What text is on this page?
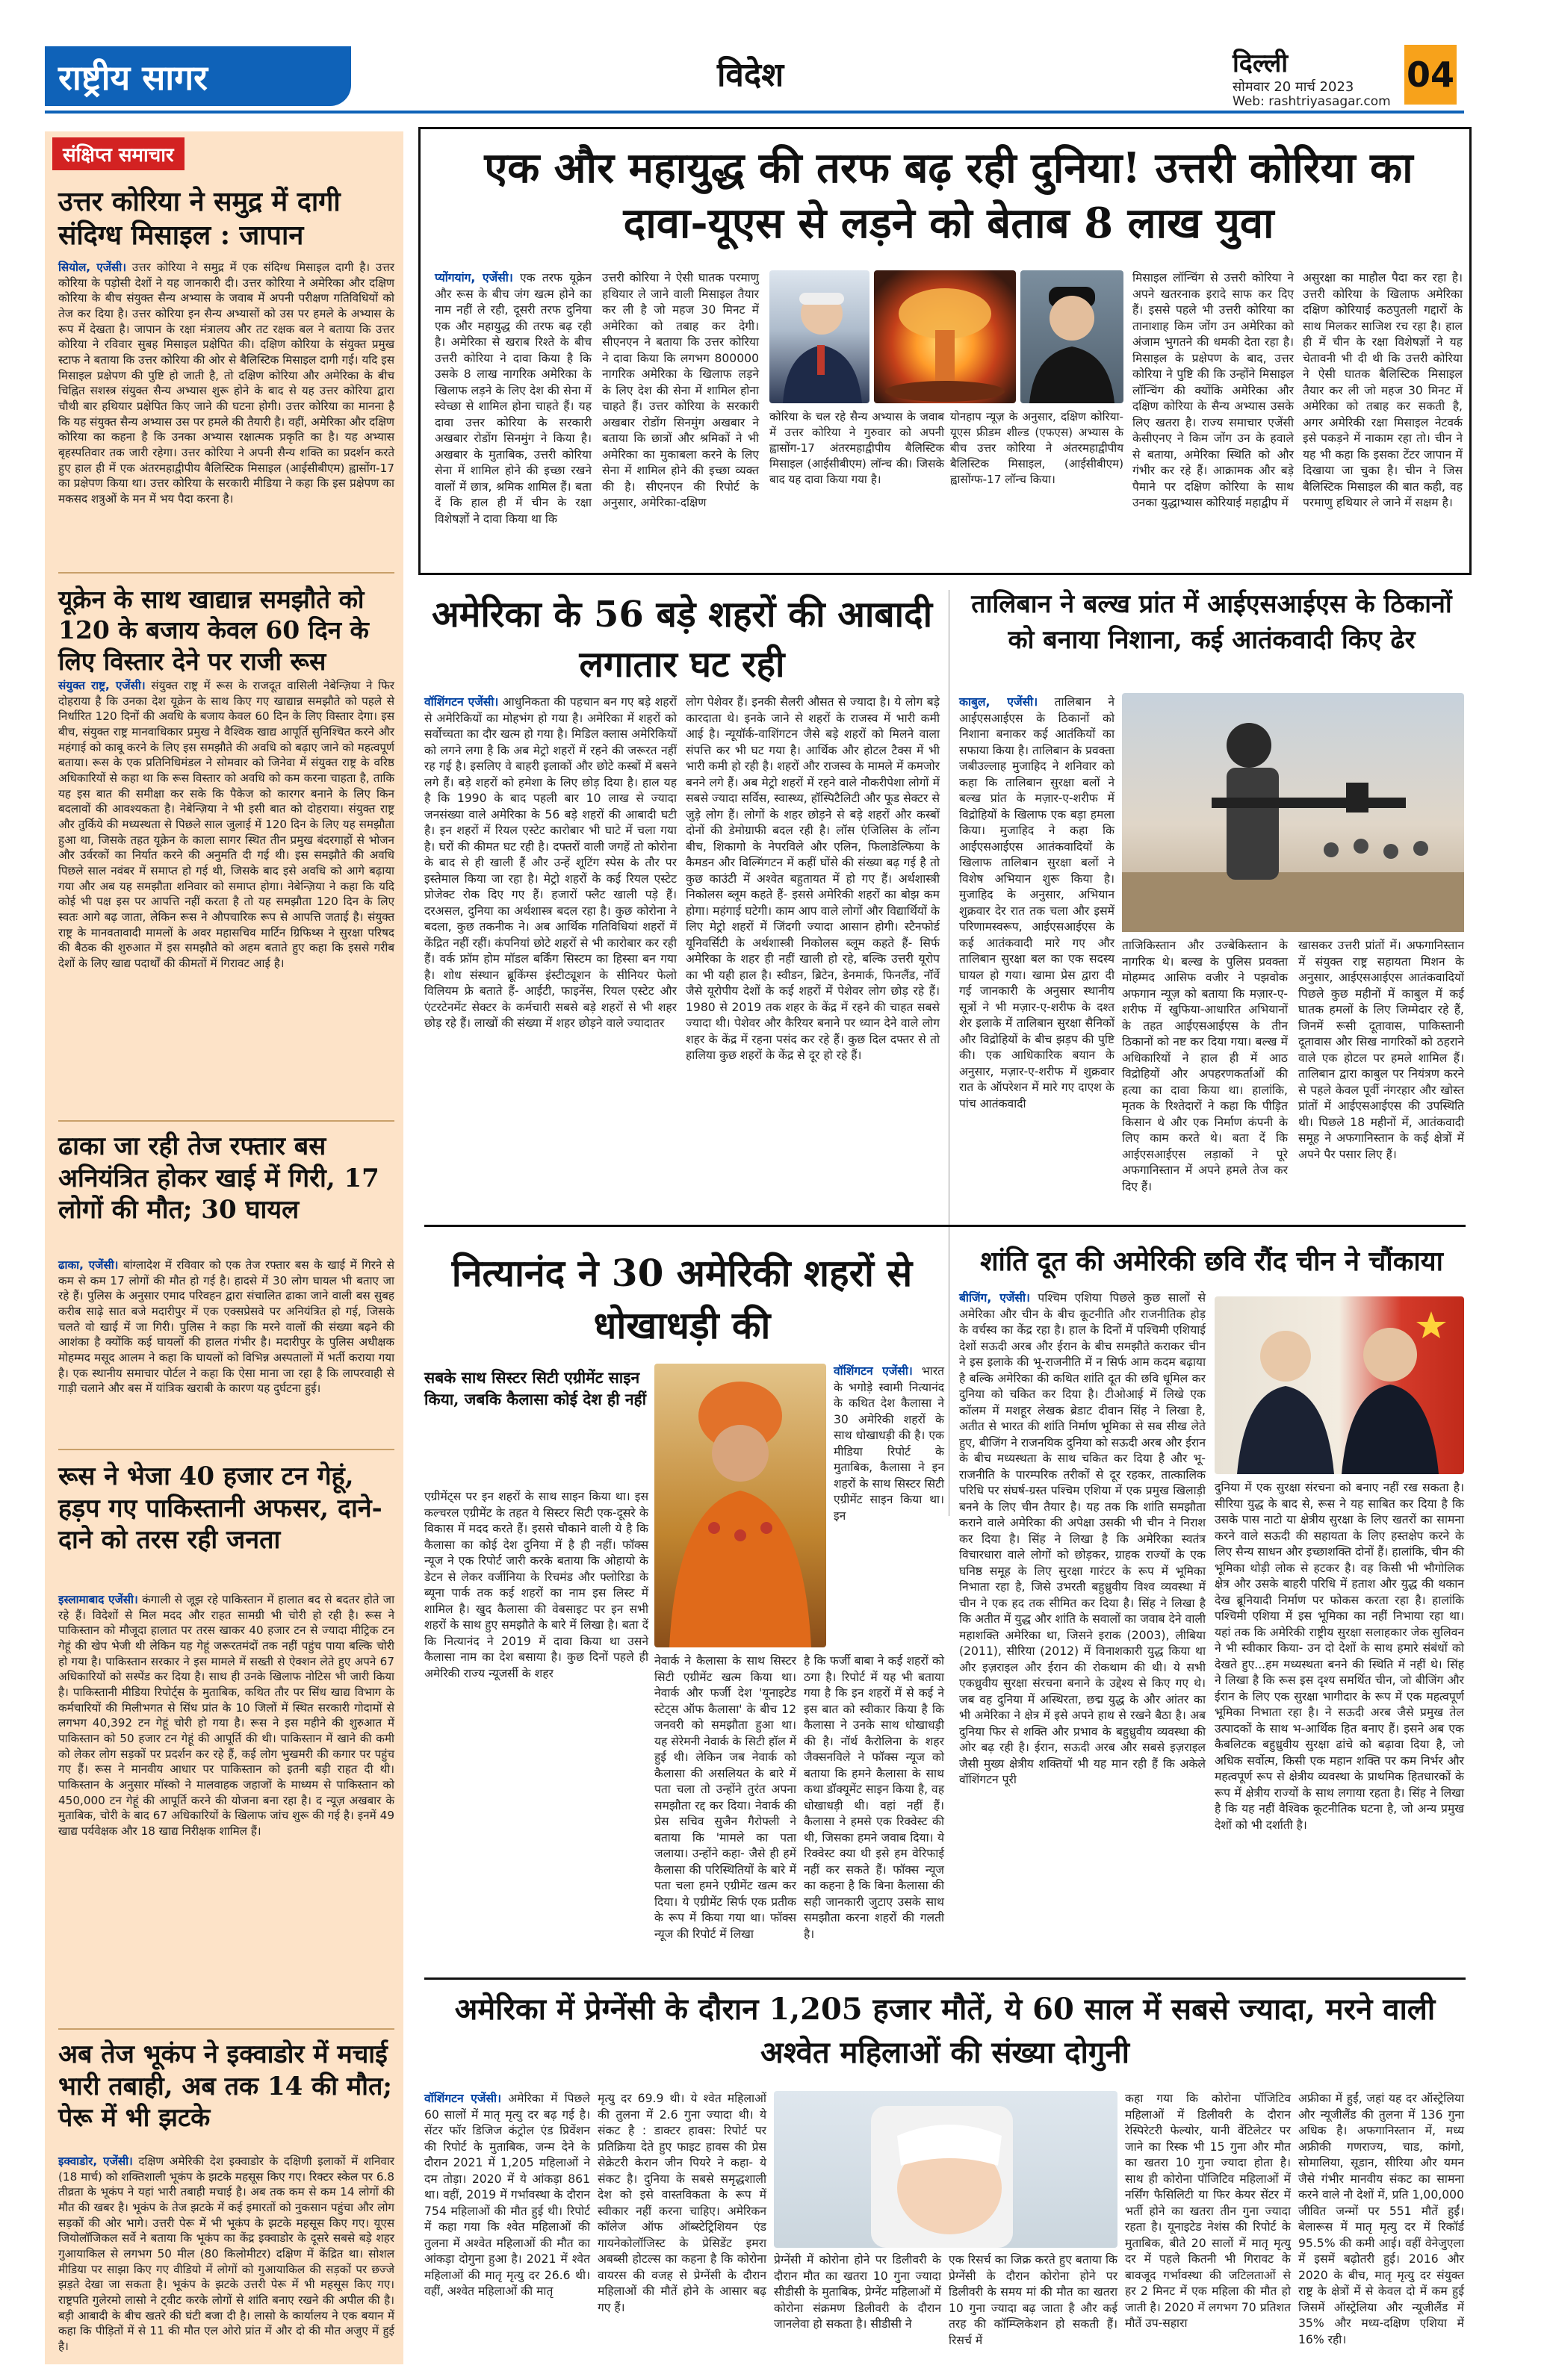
राष्ट्रीय सागर	विदेश	दिल्ली
सोमवार 20 मार्च 2023
Web: rashtriyasagar.com
04
संक्षिप्त समाचार
उत्तर कोरिया ने समुद्र में दागी संदिग्ध मिसाइल : जापान
सियोल, एजेंसी। उत्तर कोरिया ने समुद्र में एक संदिग्ध मिसाइल दागी है। उत्तर कोरिया के पड़ोसी देशों ने यह जानकारी दी। उत्तर कोरिया ने अमेरिका और दक्षिण कोरिया के बीच संयुक्त सैन्य अभ्यास के जवाब में अपनी परीक्षण गतिविधियों को तेज कर दिया है। उत्तर कोरिया इन सैन्य अभ्यासों को उस पर हमले के अभ्यास के रूप में देखता है। जापान के रक्षा मंत्रालय और तट रक्षक बल ने बताया कि उत्तर कोरिया ने रविवार सुबह मिसाइल प्रक्षेपित की। दक्षिण कोरिया के संयुक्त प्रमुख स्टाफ ने बताया कि उत्तर कोरिया की ओर से बैलिस्टिक मिसाइल दागी गई। यदि इस मिसाइल प्रक्षेपण की पुष्टि हो जाती है, तो दक्षिण कोरिया और अमेरिका के बीच चिह्नित सशस्त्र संयुक्त सैन्य अभ्यास शुरू होने के बाद से यह उत्तर कोरिया द्वारा चौथी बार हथियार प्रक्षेपित किए जाने की घटना होगी। उत्तर कोरिया का मानना है कि यह संयुक्त सैन्य अभ्यास उस पर हमले की तैयारी है। वहीं, अमेरिका और दक्षिण कोरिया का कहना है कि उनका अभ्यास रक्षात्मक प्रकृति का है। यह अभ्यास बृहस्पतिवार तक जारी रहेगा। उत्तर कोरिया ने अपनी सैन्य शक्ति का प्रदर्शन करते हुए हाल ही में एक अंतरमहाद्वीपीय बैलिस्टिक मिसाइल (आईसीबीएम) ह्वासोंग-17 का प्रक्षेपण किया था। उत्तर कोरिया के सरकारी मीडिया ने कहा कि इस प्रक्षेपण का मकसद शत्रुओं के मन में भय पैदा करना है।
यूक्रेन के साथ खाद्यान्न समझौते को 120 के बजाय केवल 60 दिन के लिए विस्तार देने पर राजी रूस
संयुक्त राष्ट्र, एजेंसी। संयुक्त राष्ट्र में रूस के राजदूत वासिली नेबेन्ज़िया ने फिर दोहराया है कि उनका देश यूक्रेन के साथ किए गए खाद्यान्न समझौते को पहले से निर्धारित 120 दिनों की अवधि के बजाय केवल 60 दिन के लिए विस्तार देगा। इस बीच, संयुक्त राष्ट्र मानवाधिकार प्रमुख ने वैश्विक खाद्य आपूर्ति सुनिश्चित करने और महंगाई को काबू करने के लिए इस समझौते की अवधि को बढ़ाए जाने को महत्वपूर्ण बताया। रूस के एक प्रतिनिधिमंडल ने सोमवार को जिनेवा में संयुक्त राष्ट्र के वरिष्ठ अधिकारियों से कहा था कि रूस विस्तार को अवधि को कम करना चाहता है, ताकि यह इस बात की समीक्षा कर सके कि पैकेज को कारगर बनाने के लिए किन बदलावों की आवश्यकता है। नेबेन्ज़िया ने भी इसी बात को दोहराया। संयुक्त राष्ट्र और तुर्किये की मध्यस्थता से पिछले साल जुलाई में 120 दिन के लिए यह समझौता हुआ था, जिसके तहत यूक्रेन के काला सागर स्थित तीन प्रमुख बंदरगाहों से भोजन और उर्वरकों का निर्यात करने की अनुमति दी गई थी। इस समझौते की अवधि पिछले साल नवंबर में समाप्त हो गई थी, जिसके बाद इसे अवधि को आगे बढ़ाया गया और अब यह समझौता शनिवार को समाप्त होगा। नेबेन्ज़िया ने कहा कि यदि कोई भी पक्ष इस पर आपत्ति नहीं करता है तो यह समझौता 120 दिन के लिए स्वतः आगे बढ़ जाता, लेकिन रूस ने औपचारिक रूप से आपत्ति जताई है। संयुक्त राष्ट्र के मानवतावादी मामलों के अवर महासचिव मार्टिन ग्रिफिथ्स ने सुरक्षा परिषद की बैठक की शुरुआत में इस समझौते को अहम बताते हुए कहा कि इससे गरीब देशों के लिए खाद्य पदार्थों की कीमतों में गिरावट आई है।
ढाका जा रही तेज रफ्तार बस अनियंत्रित होकर खाई में गिरी, 17 लोगों की मौत; 30 घायल
ढाका, एजेंसी। बांग्लादेश में रविवार को एक तेज रफ्तार बस के खाई में गिरने से कम से कम 17 लोगों की मौत हो गई है। हादसे में 30 लोग घायल भी बताए जा रहे हैं। पुलिस के अनुसार एमाद परिवहन द्वारा संचालित ढाका जाने वाली बस सुबह करीब साढ़े सात बजे मदारीपुर में एक एक्सप्रेसवे पर अनियंत्रित हो गई, जिसके चलते वो खाई में जा गिरी। पुलिस ने कहा कि मरने वालों की संख्या बढ़ने की आशंका है क्योंकि कई घायलों की हालत गंभीर है। मदारीपुर के पुलिस अधीक्षक मोहम्मद मसूद आलम ने कहा कि घायलों को विभिन्न अस्पतालों में भर्ती कराया गया है। एक स्थानीय समाचार पोर्टल ने कहा कि ऐसा माना जा रहा है कि लापरवाही से गाड़ी चलाने और बस में यांत्रिक खराबी के कारण यह दुर्घटना हुई।
रूस ने भेजा 40 हजार टन गेहूं, हड़प गए पाकिस्तानी अफसर, दाने-दाने को तरस रही जनता
इस्लामाबाद एजेंसी। कंगाली से जूझ रहे पाकिस्तान में हालात बद से बदतर होते जा रहे हैं। विदेशों से मिल मदद और राहत सामग्री भी चोरी हो रही है। रूस ने पाकिस्तान को मौजूदा हालात पर तरस खाकर 40 हजार टन से ज्यादा मीट्रिक टन गेहूं की खेप भेजी थी लेकिन यह गेहूं जरूरतमंदों तक नहीं पहुंच पाया बल्कि चोरी हो गया है। पाकिस्तान सरकार ने इस मामले में सख्ती से ऐक्शन लेते हुए अपने 67 अधिकारियों को सस्पेंड कर दिया है। साथ ही उनके खिलाफ नोटिस भी जारी किया है। पाकिस्तानी मीडिया रिपोर्ट्स के मुताबिक, कथित तौर पर सिंध खाद्य विभाग के कर्मचारियों की मिलीभगत से सिंध प्रांत के 10 जिलों में स्थित सरकारी गोदामों से लगभग 40,392 टन गेहूं चोरी हो गया है। रूस ने इस महीने की शुरुआत में पाकिस्तान को 50 हजार टन गेहूं की आपूर्ति की थी। पाकिस्तान में खाने की कमी को लेकर लोग सड़कों पर प्रदर्शन कर रहे हैं, कई लोग भुखमरी की कगार पर पहुंच गए हैं। रूस ने मानवीय आधार पर पाकिस्तान को इतनी बड़ी राहत दी थी। पाकिस्तान के अनुसार मॉस्को ने मालवाहक जहाजों के माध्यम से पाकिस्तान को 450,000 टन गेहूं की आपूर्ति करने की योजना बना रहा है। द न्यूज़ अखबार के मुताबिक, चोरी के बाद 67 अधिकारियों के खिलाफ जांच शुरू की गई है। इनमें 49 खाद्य पर्यवेक्षक और 18 खाद्य निरीक्षक शामिल हैं।
अब तेज भूकंप ने इक्वाडोर में मचाई भारी तबाही, अब तक 14 की मौत; पेरू में भी झटके
इक्वाडोर, एजेंसी। दक्षिण अमेरिकी देश इक्वाडोर के दक्षिणी इलाकों में शनिवार (18 मार्च) को शक्तिशाली भूकंप के झटके महसूस किए गए। रिक्टर स्केल पर 6.8 तीव्रता के भूकंप ने यहां भारी तबाही मचाई है। अब तक कम से कम 14 लोगों की मौत की खबर है। भूकंप के तेज झटके में कई इमारतों को नुकसान पहुंचा और लोग सड़कों की ओर भागे। उत्तरी पेरू में भी भूकंप के झटके महसूस किए गए। यूएस जियोलॉजिकल सर्वे ने बताया कि भूकंप का केंद्र इक्वाडोर के दूसरे सबसे बड़े शहर गुआयाकिल से लगभग 50 मील (80 किलोमीटर) दक्षिण में केंद्रित था। सोशल मीडिया पर साझा किए गए वीडियो में लोगों को गुआयाकिल की सड़कों पर छज्जे झड़ते देखा जा सकता है। भूकंप के झटके उत्तरी पेरू में भी महसूस किए गए। राष्ट्रपति गुलेरमो लासो ने ट्वीट करके लोगों से शांति बनाए रखने की अपील की है। बड़ी आबादी के बीच खतरे की घंटी बजा दी है। लासो के कार्यालय ने एक बयान में कहा कि पीड़ितों में से 11 की मौत एल ओरो प्रांत में और दो की मौत अजुए में हुई है।
एक और महायुद्ध की तरफ बढ़ रही दुनिया! उत्तरी कोरिया का दावा-यूएस से लड़ने को बेताब 8 लाख युवा
प्योंगयांग, एजेंसी। एक तरफ यूक्रेन और रूस के बीच जंग खत्म होने का नाम नहीं ले रही, दूसरी तरफ दुनिया एक और महायुद्ध की तरफ बढ़ रही है। अमेरिका से खराब रिश्ते के बीच उत्तरी कोरिया ने दावा किया है कि उसके 8 लाख नागरिक अमेरिका के खिलाफ लड़ने के लिए देश की सेना में स्वेच्छा से शामिल होना चाहते हैं। यह दावा उत्तर कोरिया के सरकारी अखबार रोडोंग सिनमुंग ने किया है। अखबार के मुताबिक, उत्तरी कोरिया सेना में शामिल होने की इच्छा रखने वालों में छात्र, श्रमिक शामिल हैं। बता दें कि हाल ही में चीन के रक्षा विशेषज्ञों ने दावा किया था कि
उत्तरी कोरिया ने ऐसी घातक परमाणु हथियार ले जाने वाली मिसाइल तैयार कर ली है जो महज 30 मिनट में अमेरिका को तबाह कर देगी। सीएनएन ने बताया कि उत्तर कोरिया ने दावा किया कि लगभग 800000 नागरिक अमेरिका के खिलाफ लड़ने के लिए देश की सेना में शामिल होना चाहते हैं। उत्तर कोरिया के सरकारी अखबार रोडोंग सिनमुंग अखबार ने बताया कि छात्रों और श्रमिकों ने भी अमेरिका का मुकाबला करने के लिए सेना में शामिल होने की इच्छा व्यक्त की है। सीएनएन की रिपोर्ट के अनुसार, अमेरिका-दक्षिण
कोरिया के चल रहे सैन्य अभ्यास के जवाब में उत्तर कोरिया ने गुरुवार को अपनी ह्वासोंग-17 अंतरमहाद्वीपीय बैलिस्टिक मिसाइल (आईसीबीएम) लॉन्च की। जिसके बाद यह दावा किया गया है।
योनहाप न्यूज़ के अनुसार, दक्षिण कोरिया-यूएस फ्रीडम शील्ड (एफएस) अभ्यास के बीच उत्तर कोरिया ने अंतरमहाद्वीपीय बैलिस्टिक मिसाइल, (आईसीबीएम) ह्वासोंग्फ-17 लॉन्च किया।
मिसाइल लॉन्चिंग से उत्तरी कोरिया ने अपने खतरनाक इरादे साफ कर दिए हैं। इससे पहले भी उत्तरी कोरिया का तानाशाह किम जोंग उन अमेरिका को अंजाम भुगतने की धमकी देता रहा है। मिसाइल के प्रक्षेपण के बाद, उत्तर कोरिया ने पुष्टि की कि उन्होंने मिसाइल लॉन्चिंग की क्योंकि अमेरिका और दक्षिण कोरिया के सैन्य अभ्यास उसके लिए खतरा है। राज्य समाचार एजेंसी केसीएनए ने किम जोंग उन के हवाले से बताया, अमेरिका स्थिति को और गंभीर कर रहे हैं। आक्रामक और बड़े पैमाने पर दक्षिण कोरिया के साथ उनका युद्धाभ्यास कोरियाई महाद्वीप में
असुरक्षा का माहौल पैदा कर रहा है। उत्तरी कोरिया के खिलाफ अमेरिका दक्षिण कोरियाई कठपुतली गद्दारों के साथ मिलकर साजिश रच रहा है। हाल ही में चीन के रक्षा विशेषज्ञों ने यह चेतावनी भी दी थी कि उत्तरी कोरिया ने ऐसी घातक बैलिस्टिक मिसाइल तैयार कर ली जो महज 30 मिनट में अमेरिका को तबाह कर सकती है, अगर अमेरिकी रक्षा मिसाइल नेटवर्क इसे पकड़ने में नाकाम रहा तो। चीन ने यह भी कहा कि इसका टेंटर जापान में दिखाया जा चुका है। चीन ने जिस बैलिस्टिक मिसाइल की बात कही, वह परमाणु हथियार ले जाने में सक्षम है।
अमेरिका के 56 बड़े शहरों की आबादी लगातार घट रही
वॉशिंगटन एजेंसी। आधुनिकता की पहचान बन गए बड़े शहरों से अमेरिकियों का मोहभंग हो गया है। अमेरिका में शहरों को सर्वोच्चता का दौर खत्म हो गया है। मिडिल क्लास अमेरिकियों को लगने लगा है कि अब मेट्रो शहरों में रहने की जरूरत नहीं रह गई है। इसलिए वे बाहरी इलाकों और छोटे कस्बों में बसने लगे हैं। बड़े शहरों को हमेशा के लिए छोड़ दिया है। हाल यह है कि 1990 के बाद पहली बार 10 लाख से ज्यादा जनसंख्या वाले अमेरिका के 56 बड़े शहरों की आबादी घटी है। इन शहरों में रियल एस्टेट कारोबार भी घाटे में चला गया है। घरों की कीमत घट रही है। दफ्तरों वाली जगहें तो कोरोना के बाद से ही खाली हैं और उन्हें शूटिंग स्पेस के तौर पर इस्तेमाल किया जा रहा है। मेट्रो शहरों के कई रियल एस्टेट प्रोजेक्ट रोक दिए गए हैं। हजारों फ्लैट खाली पड़े हैं। दरअसल, दुनिया का अर्थशास्त्र बदल रहा है। कुछ कोरोना ने बदला, कुछ तकनीक ने। अब आर्थिक गतिविधियां शहरों में केंद्रित नहीं रहीं। कंपनियां छोटे शहरों से भी कारोबार कर रही हैं। वर्क फ्रॉम होम मॉडल बर्किंग सिस्टम का हिस्सा बन गया है। शोध संस्थान ब्रूकिंग्स इंस्टीट्यूशन के सीनियर फेलो विलियम फ्रे बताते हैं- आईटी, फाइनेंस, रियल एस्टेट और एंटरटेनमेंट सेक्टर के कर्मचारी सबसे बड़े शहरों से भी शहर छोड़ रहे हैं। लाखों की संख्या में शहर छोड़ने वाले ज्यादातर
लोग पेशेवर हैं। इनकी सैलरी औसत से ज्यादा है। ये लोग बड़े कारदाता थे। इनके जाने से शहरों के राजस्व में भारी कमी आई है। न्यूयॉर्क-वाशिंगटन जैसे बड़े शहरों को मिलने वाला संपत्ति कर भी घट गया है। आर्थिक और होटल टैक्स में भी भारी कमी हो रही है। शहरों और राजस्व के मामले में कमजोर बनने लगे हैं। अब मेट्रो शहरों में रहने वाले नौकरीपेशा लोगों में सबसे ज्यादा सर्विस, स्वास्थ्य, हॉस्पिटैलिटी और फूड सेक्टर से जुड़े लोग हैं। लोगों के शहर छोड़ने से बड़े शहरों और कस्बों दोनों की डेमोग्राफी बदल रही है। लॉस एंजिलिस के लॉन्ग बीच, शिकागो के नेपरविले और एलिन, फिलाडेल्फिया के कैमडन और विल्मिंगटन में कहीं घोंसे की संख्या बढ़ गई है तो कुछ काउंटी में अश्वेत बहुतायत में हो गए हैं। अर्थशास्त्री निकोलस ब्लूम कहते हैं- इससे अमेरिकी शहरों का बोझ कम होगा। महंगाई घटेगी। काम आप वाले लोगों और विद्यार्थियों के लिए मेट्रो शहरों में जिंदगी ज्यादा आसान होगी। स्टैनफोर्ड यूनिवर्सिटी के अर्थशास्त्री निकोलस ब्लूम कहते हैं- सिर्फ अमेरिका के शहर ही नहीं खाली हो रहे, बल्कि उत्तरी यूरोप का भी यही हाल है। स्वीडन, ब्रिटेन, डेनमार्क, फिनलैंड, नॉर्वे जैसे यूरोपीय देशों के कई शहरों में पेशेवर लोग छोड़ रहे हैं। 1980 से 2019 तक शहर के केंद्र में रहने की चाहत सबसे ज्यादा थी। पेशेवर और कैरियर बनाने पर ध्यान देने वाले लोग शहर के केंद्र में रहना पसंद कर रहे हैं। कुछ दिल दफ्तर से तो हालिया कुछ शहरों के केंद्र से दूर हो रहे हैं।
तालिबान ने बल्ख प्रांत में आईएसआईएस के ठिकानों को बनाया निशाना, कई आतंकवादी किए ढेर
काबुल, एजेंसी। तालिबान ने आईएसआईएस के ठिकानों को निशाना बनाकर कई आतंकियों का सफाया किया है। तालिबान के प्रवक्ता जबीउल्लाह मुजाहिद ने शनिवार को कहा कि तालिबान सुरक्षा बलों ने बल्ख प्रांत के मज़ार-ए-शरीफ में विद्रोहियों के खिलाफ एक बड़ा हमला किया। मुजाहिद ने कहा कि आईएसआईएस आतंकवादियों के खिलाफ तालिबान सुरक्षा बलों ने विशेष अभियान शुरू किया है। मुजाहिद के अनुसार, अभियान शुक्रवार देर रात तक चला और इसमें परिणामस्वरूप, आईएसआईएस के कई आतंकवादी मारे गए और तालिबान सुरक्षा बल का एक सदस्य घायल हो गया। खामा प्रेस द्वारा दी गई जानकारी के अनुसार स्थानीय सूत्रों ने भी मज़ार-ए-शरीफ के दश्त शेर इलाके में तालिबान सुरक्षा सैनिकों और विद्रोहियों के बीच झड़प की पुष्टि की। एक आधिकारिक बयान के अनुसार, मज़ार-ए-शरीफ में शुक्रवार रात के ऑपरेशन में मारे गए दाएश के पांच आतंकवादी
ताजिकिस्तान और उज्बेकिस्तान के नागरिक थे। बल्ख के पुलिस प्रवक्ता मोहम्मद आसिफ वजीर ने पझवोक अफगान न्यूज़ को बताया कि मज़ार-ए-शरीफ में खुफिया-आधारित अभियानों के तहत आईएसआईएस के तीन ठिकानों को नष्ट कर दिया गया। बल्ख में अधिकारियों ने हाल ही में आठ विद्रोहियों और अपहरणकर्ताओं की हत्या का दावा किया था। हालांकि, मृतक के रिश्तेदारों ने कहा कि पीड़ित किसान थे और एक निर्माण कंपनी के लिए काम करते थे। बता दें कि आईएसआईएस लड़ाकों ने पूरे अफगानिस्तान में अपने हमले तेज कर दिए हैं।
खासकर उत्तरी प्रांतों में। अफगानिस्तान में संयुक्त राष्ट्र सहायता मिशन के अनुसार, आईएसआईएस आतंकवादियों पिछले कुछ महीनों में काबुल में कई घातक हमलों के लिए जिम्मेदार रहे हैं, जिनमें रूसी दूतावास, पाकिस्तानी दूतावास और सिख नागरिकों को ठहराने वाले एक होटल पर हमले शामिल हैं। तालिबान द्वारा काबुल पर नियंत्रण करने से पहले केवल पूर्वी नंगरहार और खोस्त प्रांतों में आईएसआईएस की उपस्थिति थी। पिछले 18 महीनों में, आतंकवादी समूह ने अफगानिस्तान के कई क्षेत्रों में अपने पैर पसार लिए हैं।
नित्यानंद ने 30 अमेरिकी शहरों से धोखाधड़ी की
सबके साथ सिस्टर सिटी एग्रीमेंट साइन किया, जबकि कैलासा कोई देश ही नहीं
वॉशिंगटन एजेंसी। भारत के भगोड़े स्वामी नित्यानंद के कथित देश कैलासा ने 30 अमेरिकी शहरों के साथ धोखाधड़ी की है। एक मीडिया रिपोर्ट के मुताबिक, कैलासा ने इन शहरों के साथ सिस्टर सिटी एग्रीमेंट साइन किया था। इन
एग्रीमेंट्स पर इन शहरों के साथ साइन किया था। इस कल्चरल एग्रीमेंट के तहत ये सिस्टर सिटी एक-दूसरे के विकास में मदद करते हैं। इससे चौकाने वाली ये है कि कैलासा का कोई देश दुनिया में है ही नहीं। फॉक्स न्यूज ने एक रिपोर्ट जारी करके बताया कि ओहायो के डेटन से लेकर वर्जीनिया के रिचमंड और फ्लोरिडा के ब्यूना पार्क तक कई शहरों का नाम इस लिस्ट में शामिल है। खुद कैलासा की वेबसाइट पर इन सभी शहरों के साथ हुए समझौते के बारे में लिखा है। बता दें कि नित्यानंद ने 2019 में दावा किया था उसने कैलासा नाम का देश बसाया है। कुछ दिनों पहले ही अमेरिकी राज्य न्यूजर्सी के शहर
नेवार्क ने कैलासा के साथ सिस्टर सिटी एग्रीमेंट खत्म किया था। नेवार्क और फर्जी देश 'यूनाइटेड स्टेट्स ऑफ कैलासा' के बीच 12 जनवरी को समझौता हुआ था। यह सेरेमनी नेवार्क के सिटी हॉल में हुई थी। लेकिन जब नेवार्क को कैलासा की असलियत के बारे में पता चला तो उन्होंने तुरंत अपना समझौता रद्द कर दिया। नेवार्क की प्रेस सचिव सुजैन गैरोफ्ली ने बताया कि 'मामले का पता जलाया। उन्होंने कहा- जैसे ही हमें कैलासा की परिस्थितियों के बारे में पता चला हमने एग्रीमेंट खत्म कर दिया। ये एग्रीमेंट सिर्फ एक प्रतीक के रूप में किया गया था। फॉक्स न्यूज की रिपोर्ट में लिखा
है कि फर्जी बाबा ने कई शहरों को ठगा है। रिपोर्ट में यह भी बताया गया है कि इन शहरों में से कई ने इस बात को स्वीकार किया है कि कैलासा ने उनके साथ धोखाधड़ी की है। नॉर्थ कैरोलिना के शहर जैक्सनविले ने फॉक्स न्यूज को बताया कि हमने कैलासा के साथ कथा डॉक्यूमेंट साइन किया है, वह धोखाधड़ी थी। वहां नहीं हैं। कैलासा ने हमसे एक रिक्वेस्ट की थी, जिसका हमने जवाब दिया। ये रिक्वेस्ट क्या थी इसे हम वेरिफाई नहीं कर सकते हैं। फॉक्स न्यूज का कहना है कि बिना कैलासा की सही जानकारी जुटाए उसके साथ समझौता करना शहरों की गलती है।
शांति दूत की अमेरिकी छवि रौंद चीन ने चौंकाया
बीजिंग, एजेंसी। पश्चिम एशिया पिछले कुछ सालों से अमेरिका और चीन के बीच कूटनीति और राजनीतिक होड़ के वर्चस्व का केंद्र रहा है। हाल के दिनों में पश्चिमी एशियाई देशों सऊदी अरब और ईरान के बीच समझौते कराकर चीन ने इस इलाके की भू-राजनीति में न सिर्फ आम कदम बढ़ाया है बल्कि अमेरिका की कथित शांति दूत की छवि धूमिल कर दुनिया को चकित कर दिया है। टीओआई में लिखे एक कॉलम में मशहूर लेखक ब्रेडाट दीवान सिंह ने लिखा है, अतीत से भारत की शांति निर्माण भूमिका से सब सीख लेते हुए, बीजिंग ने राजनयिक दुनिया को सऊदी अरब और ईरान के बीच मध्यस्थता के साथ चकित कर दिया है और भू-राजनीति के पारम्परिक तरीकों से दूर रहकर, तात्कालिक परिधि पर संघर्ष-ग्रस्त पश्चिम एशिया में एक प्रमुख खिलाड़ी बनने के लिए चीन तैयार है। यह तक कि शांति समझौता कराने वाले अमेरिका की अपेक्षा उसकी भी चीन ने निराश कर दिया है। सिंह ने लिखा है कि अमेरिका स्वतंत्र विचारधारा वाले लोगों को छोड़कर, ग्राहक राज्यों के एक घनिष्ठ समूह के लिए सुरक्षा गारंटर के रूप में भूमिका निभाता रहा है, जिसे उभरती बहुध्रुवीय विश्व व्यवस्था में चीन ने एक हद तक सीमित कर दिया है। सिंह ने लिखा है कि अतीत में युद्ध और शांति के सवालों का जवाब देने वाली महाशक्ति अमेरिका था, जिसने इराक (2003), लीबिया (2011), सीरिया (2012) में विनाशकारी युद्ध किया था और इज़राइल और ईरान की रोकथाम की थी। ये सभी एकध्रुवीय सुरक्षा संरचना बनाने के उद्देश्य से किए गए थे। जब वह दुनिया में अस्थिरता, छद्म युद्ध के और आंतर का भी अमेरिका ने क्षेत्र में इसे अपने हाथ से रखने बैठा है। अब दुनिया फिर से शक्ति और प्रभाव के बहुध्रुवीय व्यवस्था की ओर बढ़ रही है। ईरान, सऊदी अरब और सबसे इज़राइल जैसी मुख्य क्षेत्रीय शक्तियों भी यह मान रही हैं कि अकेले वॉशिंगटन पूरी
दुनिया में एक सुरक्षा संरचना को बनाए नहीं रख सकता है। सीरिया युद्ध के बाद से, रूस ने यह साबित कर दिया है कि उसके पास नाटो या क्षेत्रीय सुरक्षा के लिए खतरों का सामना करने वाले सऊदी की सहायता के लिए हस्तक्षेप करने के लिए सैन्य साधन और इच्छाशक्ति दोनों हैं। हालांकि, चीन की भूमिका थोड़ी लोक से हटकर है। वह किसी भी भौगोलिक क्षेत्र और उसके बाहरी परिधि में हताश और युद्ध की थकान देख ब्रूनियादी निर्माण पर फोकस करता रहा है। हालांकि पश्चिमी एशिया में इस भूमिका का नहीं निभाया रहा था। यहां तक कि अमेरिकी राष्ट्रीय सुरक्षा सलाहकार जेक सुलिवन ने भी स्वीकार किया- उन दो देशों के साथ हमारे संबंधों को देखते हुए...हम मध्यस्थता बनने की स्थिति में नहीं थे। सिंह ने लिखा है कि रूस इस दृश्य समर्थित चीन, जो बीजिंग और ईरान के लिए एक सुरक्षा भागीदार के रूप में एक महत्वपूर्ण भूमिका निभाता रहा है। ने सऊदी अरब जैसे प्रमुख तेल उत्पादकों के साथ भ-आर्थिक हित बनाए हैं। इसने अब एक कैबलिटक बहुध्रुवीय सुरक्षा ढांचे को बढ़ावा दिया है, जो अधिक सर्वोत्म, किसी एक महान शक्ति पर कम निर्भर और महत्वपूर्ण रूप से क्षेत्रीय व्यवस्था के प्राथमिक हितधारकों के रूप में क्षेत्रीय राज्यों के साथ लगाया रहता है। सिंह ने लिखा है कि यह नहीं वैश्विक कूटनीतिक घटना है, जो अन्य प्रमुख देशों को भी दर्शाती है।
अमेरिका में प्रेग्नेंसी के दौरान 1,205 हजार मौतें, ये 60 साल में सबसे ज्यादा, मरने वाली अश्वेत महिलाओं की संख्या दोगुनी
वॉशिंगटन एजेंसी। अमेरिका में पिछले 60 सालों में मातृ मृत्यु दर बढ़ गई है। सेंटर फॉर डिजिज कंट्रोल एंड प्रिवेंशन की रिपोर्ट के मुताबिक, जन्म देने के दौरान 2021 में 1,205 महिलाओं ने दम तोड़ा। 2020 में ये आंकड़ा 861 था। वहीं, 2019 में गर्भावस्था के दौरान 754 महिलाओं की मौत हुई थी। रिपोर्ट में कहा गया कि श्वेत महिलाओं की तुलना में अश्वेत महिलाओं की मौत का आंकड़ा दोगुना हुआ है। 2021 में श्वेत महिलाओं की मातृ मृत्यु दर 26.6 थी। वहीं, अश्वेत महिलाओं की मातृ
मृत्यु दर 69.9 थी। ये श्वेत महिलाओं की तुलना में 2.6 गुना ज्यादा थी। ये संकट है : डाक्टर हावस: रिपोर्ट पर प्रतिक्रिया देते हुए फाइट हावस की प्रेस सेक्रेटरी केरान जीन पियरे ने कहा- ये संकट है। दुनिया के सबसे समृद्धशाली देश को इसे वास्तविकता के रूप में स्वीकार नहीं करना चाहिए। अमेरिकन कॉलेज ऑफ ऑब्स्टेट्रिशियन एंड गायनेकोलॉजिस्ट के प्रेसिडेंट इमरा अबब्सी होटल्स का कहना है कि कोरोना वायरस की वजह से प्रेग्नेंसी के दौरान महिलाओं की मौतें होने के आसार बढ़ गए हैं।
प्रेग्नेंसी में कोरोना होने पर डिलीवरी के दौरान मौत का खतरा 10 गुना ज्यादा सीडीसी के मुताबिक, प्रेग्नेंट महिलाओं में कोरोना संक्रमण डिलीवरी के दौरान जानलेवा हो सकता है। सीडीसी ने
एक रिसर्च का जिक्र करते हुए बताया कि प्रेग्नेंसी के दौरान कोरोना होने पर डिलीवरी के समय मां की मौत का खतरा 10 गुना ज्यादा बढ़ जाता है और कई तरह की कॉम्प्लिकेशन हो सकती हैं। रिसर्च में
कहा गया कि कोरोना पॉजिटिव महिलाओं में डिलीवरी के दौरान रेस्पिरेटरी फेल्योर, यानी वेंटिलेटर पर जाने का रिस्क भी 15 गुना और मौत का खतरा 10 गुना ज्यादा होता है। साथ ही कोरोना पॉजिटिव महिलाओं में नर्सिंग फैसिलिटी या फिर केयर सेंटर में भर्ती होने का खतरा तीन गुना ज्यादा रहता है। यूनाइटेड नेशंस की रिपोर्ट के मुताबिक, बीते 20 सालों में मातृ मृत्यु दर में पहले कितनी भी गिरावट के बावजूद गर्भावस्था की जटिलताओं से हर 2 मिनट में एक महिला की मौत हो जाती है। 2020 में लगभग 70 प्रतिशत मौतें उप-सहारा
अफ्रीका में हुईं, जहां यह दर ऑस्ट्रेलिया और न्यूजीलैंड की तुलना में 136 गुना अधिक है। अफगानिस्तान में, मध्य अफ्रीकी गणराज्य, चाड, कांगो, सोमालिया, सूडान, सीरिया और यमन जैसे गंभीर मानवीय संकट का सामना करने वाले नौ देशों में, प्रति 1,00,000 जीवित जन्मों पर 551 मौतें हुईं। बेलारूस में मातृ मृत्यु दर में रिकॉर्ड 95.5% की कमी आई। वहीं वेनेजुएला में इसमें बढ़ोतरी हुई। 2016 और 2020 के बीच, मातृ मृत्यु दर संयुक्त राष्ट्र के क्षेत्रों में से केवल दो में कम हुई जिसमें ऑस्ट्रेलिया और न्यूजीलैंड में 35% और मध्य-दक्षिण एशिया में 16% रही।
